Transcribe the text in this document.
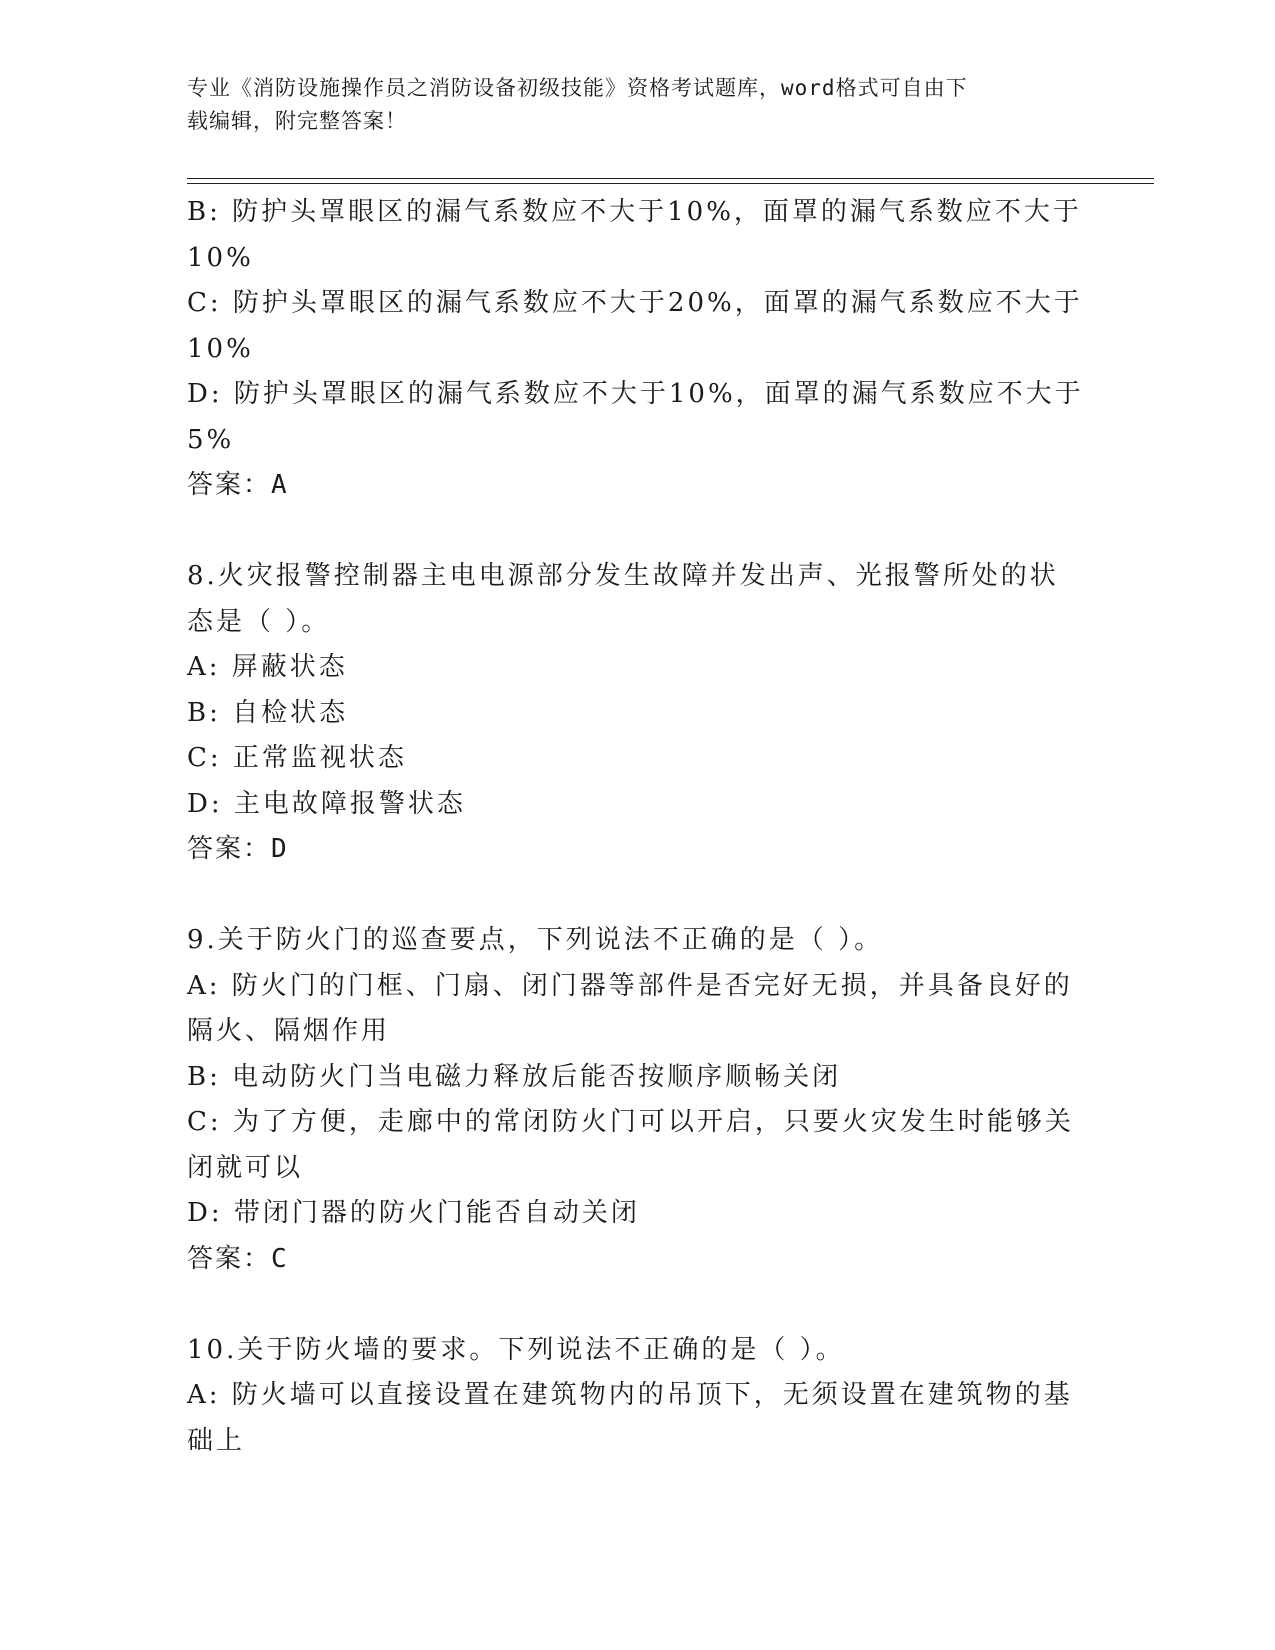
专业《消防设施操作员之消防设备初级技能》资格考试题库，word格式可自由下
载编辑，附完整答案！
B: 防护头罩眼区的漏气系数应不大于10%，面罩的漏气系数应不大于
10%
C: 防护头罩眼区的漏气系数应不大于20%，面罩的漏气系数应不大于
10%
D: 防护头罩眼区的漏气系数应不大于10%，面罩的漏气系数应不大于
5%
答案：A
8.火灾报警控制器主电电源部分发生故障并发出声、光报警所处的状
态是（ ）。
A: 屏蔽状态
B: 自检状态
C: 正常监视状态
D: 主电故障报警状态
答案：D
9.关于防火门的巡查要点，下列说法不正确的是（ ）。
A: 防火门的门框、门扇、闭门器等部件是否完好无损，并具备良好的
隔火、隔烟作用
B: 电动防火门当电磁力释放后能否按顺序顺畅关闭
C: 为了方便，走廊中的常闭防火门可以开启，只要火灾发生时能够关
闭就可以
D: 带闭门器的防火门能否自动关闭
答案：C
10.关于防火墙的要求。下列说法不正确的是（ ）。
A: 防火墙可以直接设置在建筑物内的吊顶下，无须设置在建筑物的基
础上
